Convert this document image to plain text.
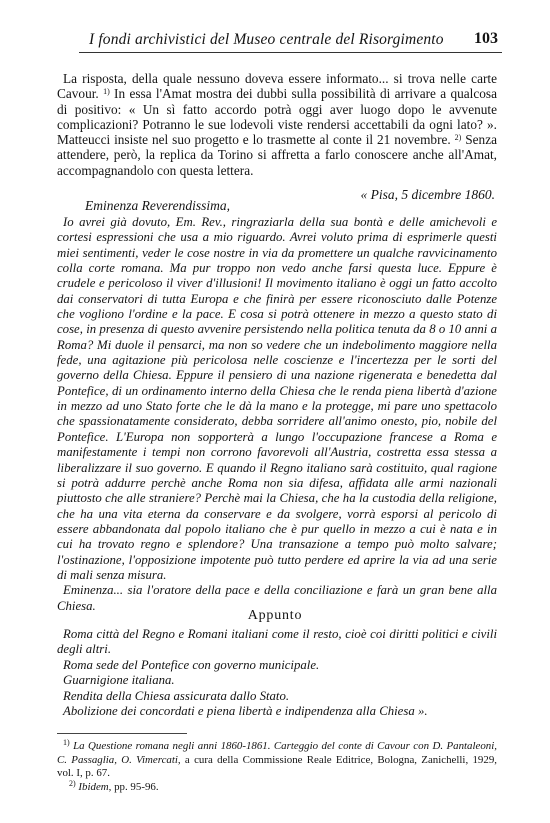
I fondi archivistici del Museo centrale del Risorgimento 103

La risposta, della quale nessuno doveva essere informato... si trova nelle carte Cavour. $^{1)}$ In essa l'Amat mostra dei dubbi sulla possibilità di arrivare a qualcosa di positivo: « Un sì fatto accordo potrà oggi aver luogo dopo le avvenute complicazioni? Potranno le sue lodevoli viste rendersi accettabili da ogni lato? ». Matteucci insiste nel suo progetto e lo trasmette al conte il 21 novembre. $^{2)}$ Senza attendere, però, la replica da Torino si affretta a farlo conoscere anche all'Amat, accompagnandolo con questa lettera.

« Pisa, 5 dicembre 1860.
Eminenza Reverendissima,

Io avrei già dovuto, Em. Rev., ringraziarla della sua bontà e delle amichevoli e cortesi espressioni che usa a mio riguardo. Avrei voluto prima di esprimerle questi miei sentimenti, veder le cose nostre in via da promettere un qualche ravvicinamento colla corte romana. Ma pur troppo non vedo anche farsi questa luce. Eppure è crudele e pericoloso il viver d'illusioni! Il movimento italiano è oggi un fatto accolto dai conservatori di tutta Europa e che finirà per essere riconosciuto dalle Potenze che vogliono l'ordine e la pace. E cosa si potrà ottenere in mezzo a questo stato di cose, in presenza di questo avvenire persistendo nella politica tenuta da 8 o 10 anni a Roma? Mi duole il pensarci, ma non so vedere che un indebolimento maggiore nella fede, una agitazione più pericolosa nelle coscienze e l'incertezza per le sorti del governo della Chiesa. Eppure il pensiero di una nazione rigenerata e benedetta dal Pontefice, di un ordinamento interno della Chiesa che le renda piena libertà d'azione in mezzo ad uno Stato forte che le dà la mano e la protegge, mi pare uno spettacolo che spassionatamente considerato, debba sorridere all'animo onesto, pio, nobile del Pontefice. L'Europa non sopporterà a lungo l'occupazione francese a Roma e manifestamente i tempi non corrono favorevoli all'Austria, costretta essa stessa a liberalizzare il suo governo. E quando il Regno italiano sarà costituito, qual ragione si potrà addurre perchè anche Roma non sia difesa, affidata alle armi nazionali piuttosto che alle straniere? Perchè mai la Chiesa, che ha la custodia della religione, che ha una vita eterna da conservare e da svolgere, vorrà esporsi al pericolo di essere abbandonata dal popolo italiano che è pur quello in mezzo a cui è nata e in cui ha trovato regno e splendore? Una transazione a tempo può molto salvare; l'ostinazione, l'opposizione impotente può tutto perdere ed aprire la via ad una serie di mali senza misura.

Eminenza... sia l'oratore della pace e della conciliazione e farà un gran bene alla Chiesa.

Appunto

Roma città del Regno e Romani italiani come il resto, cioè coi diritti politici e civili degli altri.

Roma sede del Pontefice con governo municipale.

Guarnigione italiana.

Rendita della Chiesa assicurata dallo Stato.

Abolizione dei concordati e piena libertà e indipendenza alla Chiesa ».

$^{1)}$ La Questione romana negli anni 1860-1861. Carteggio del conte di Cavour con D. Pantaleoni, C. Passaglia, O. Vimercati, a cura della Commissione Reale Editrice, Bologna, Zanichelli, 1929, vol. I, p. 67.

$^{2)}$ Ibidem, pp. 95-96.
